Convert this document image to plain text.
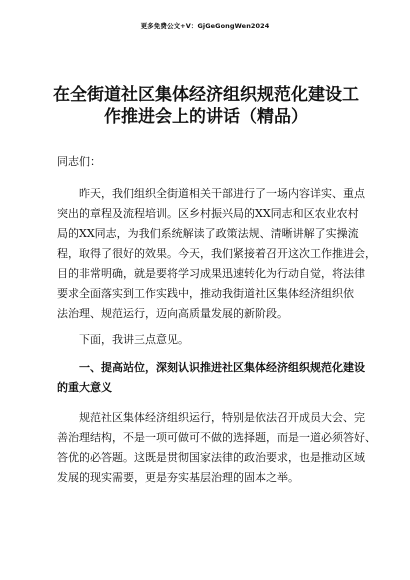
更多免费公文+V：GjGeGongWen2024
在全街道社区集体经济组织规范化建设工
作推进会上的讲话（精品）
同志们：
　　昨天，我们组织全街道相关干部进行了一场内容详实、重点
突出的章程及流程培训。区乡村振兴局的XX同志和区农业农村
局的XX同志，为我们系统解读了政策法规、清晰讲解了实操流
程，取得了很好的效果。今天，我们紧接着召开这次工作推进会，
目的非常明确，就是要将学习成果迅速转化为行动自觉，将法律
要求全面落实到工作实践中，推动我街道社区集体经济组织依
法治理、规范运行，迈向高质量发展的新阶段。
　　下面，我讲三点意见。
　　一、提高站位，深刻认识推进社区集体经济组织规范化建设
的重大意义
　　规范社区集体经济组织运行，特别是依法召开成员大会、完
善治理结构，不是一项可做可不做的选择题，而是一道必须答好、
答优的必答题。这既是贯彻国家法律的政治要求，也是推动区域
发展的现实需要，更是夯实基层治理的固本之举。
